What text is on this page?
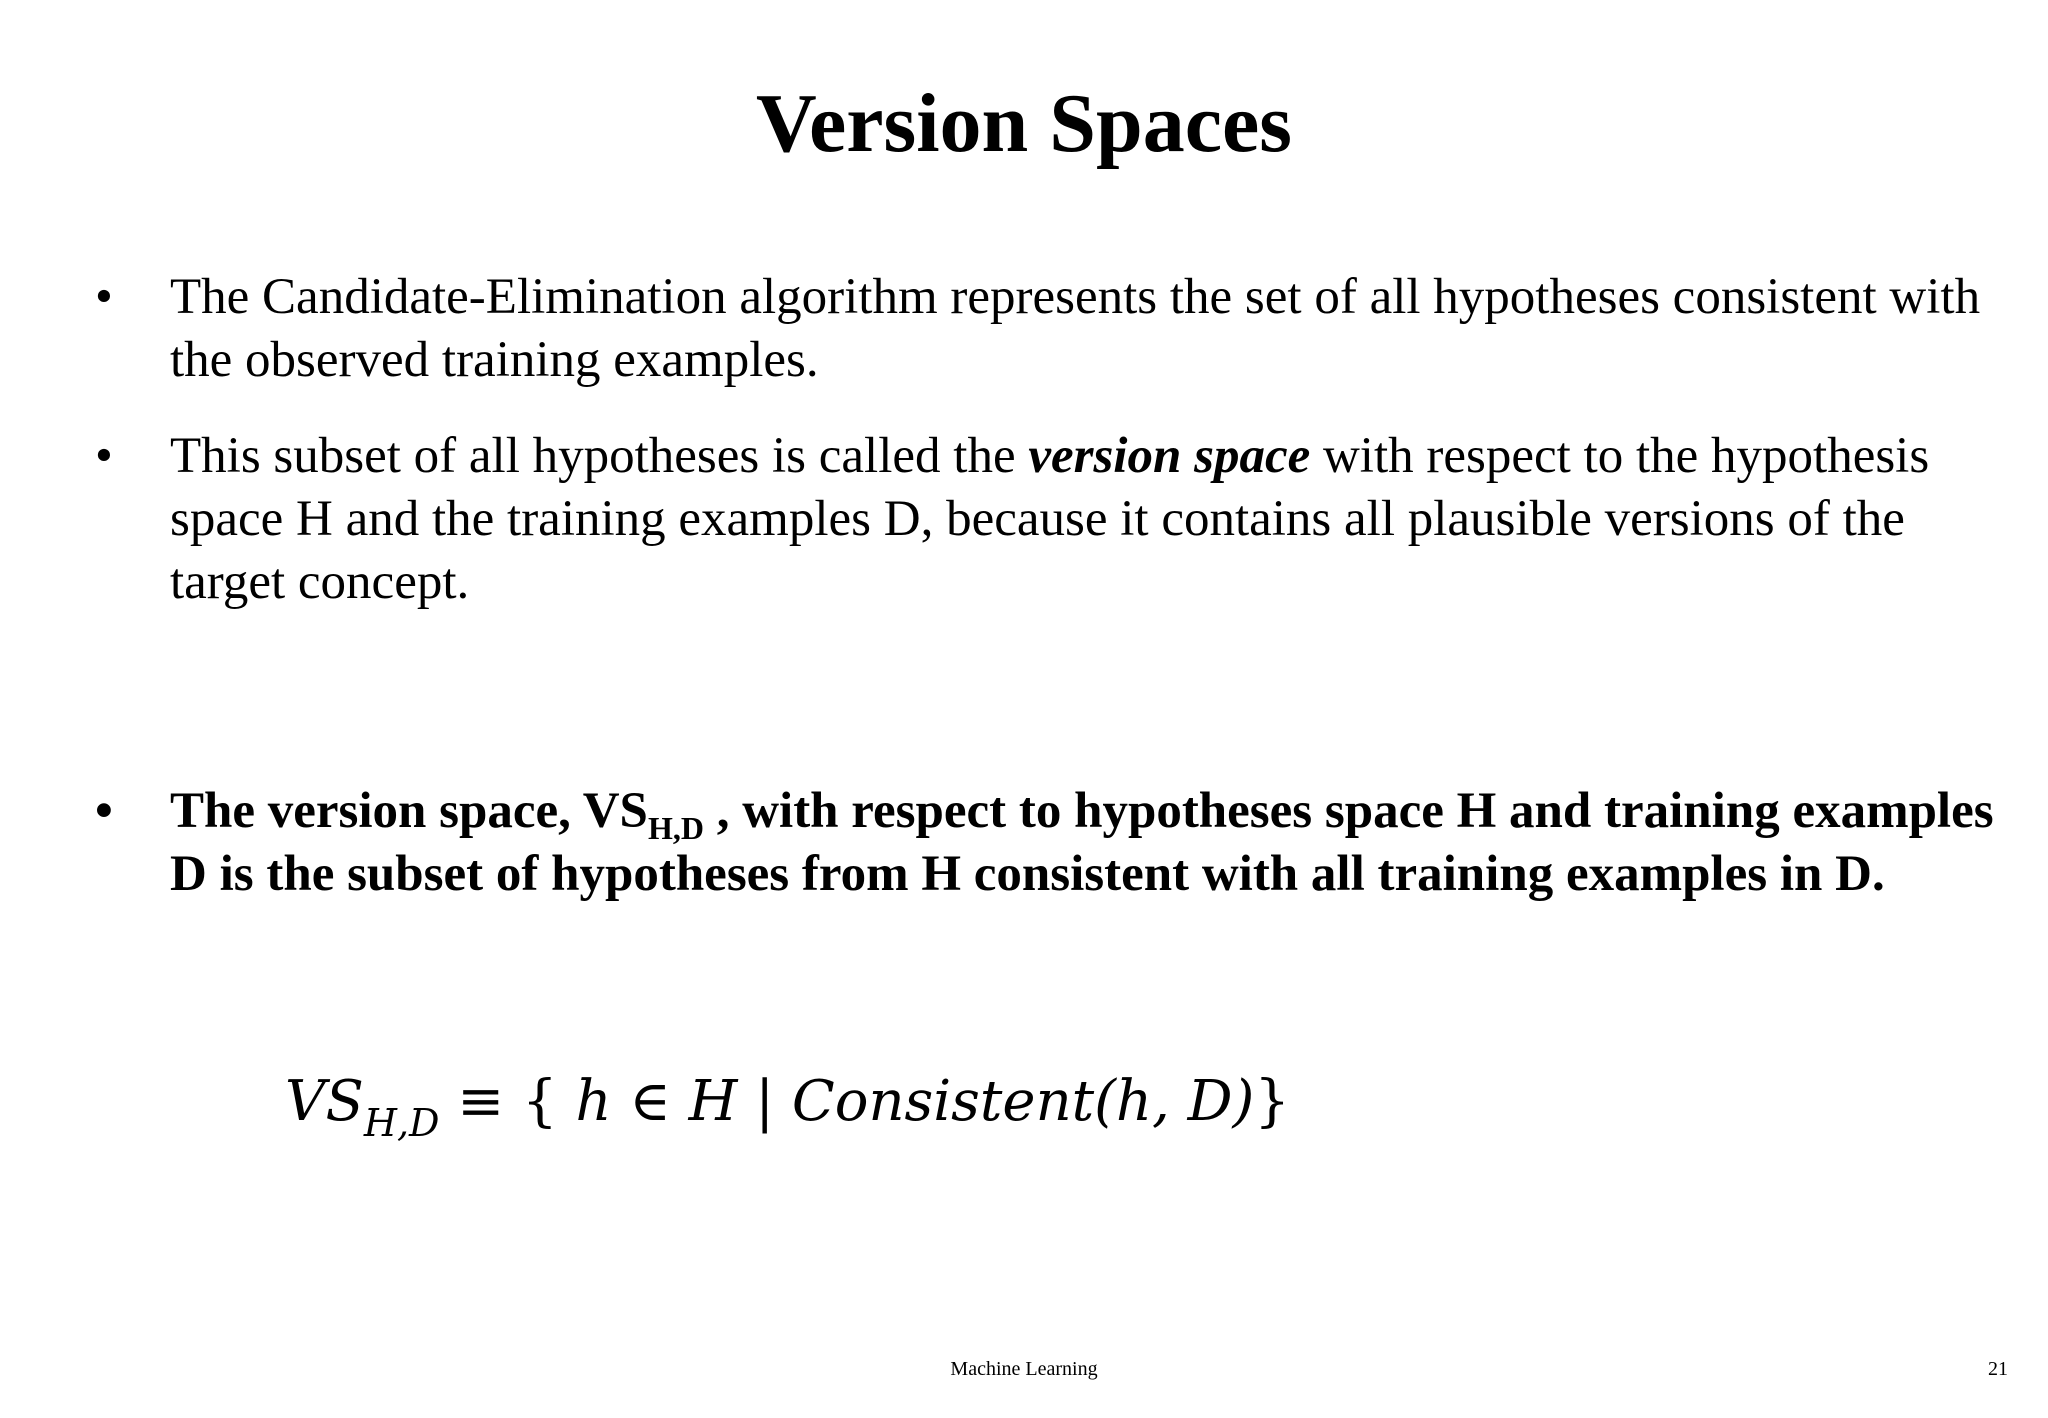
Version Spaces
• The Candidate-Elimination algorithm represents the set of all hypotheses consistent with the observed training examples.
• This subset of all hypotheses is called the version space with respect to the hypothesis space H and the training examples D, because it contains all plausible versions of the target concept.
• The version space, $VS_{H,D}$ , with respect to hypotheses space H and training examples D is the subset of hypotheses from H consistent with all training examples in D.
$VS_{H,D}$ ≡ { h ∈ H | Consistent(h, D)}
Machine Learning	21
